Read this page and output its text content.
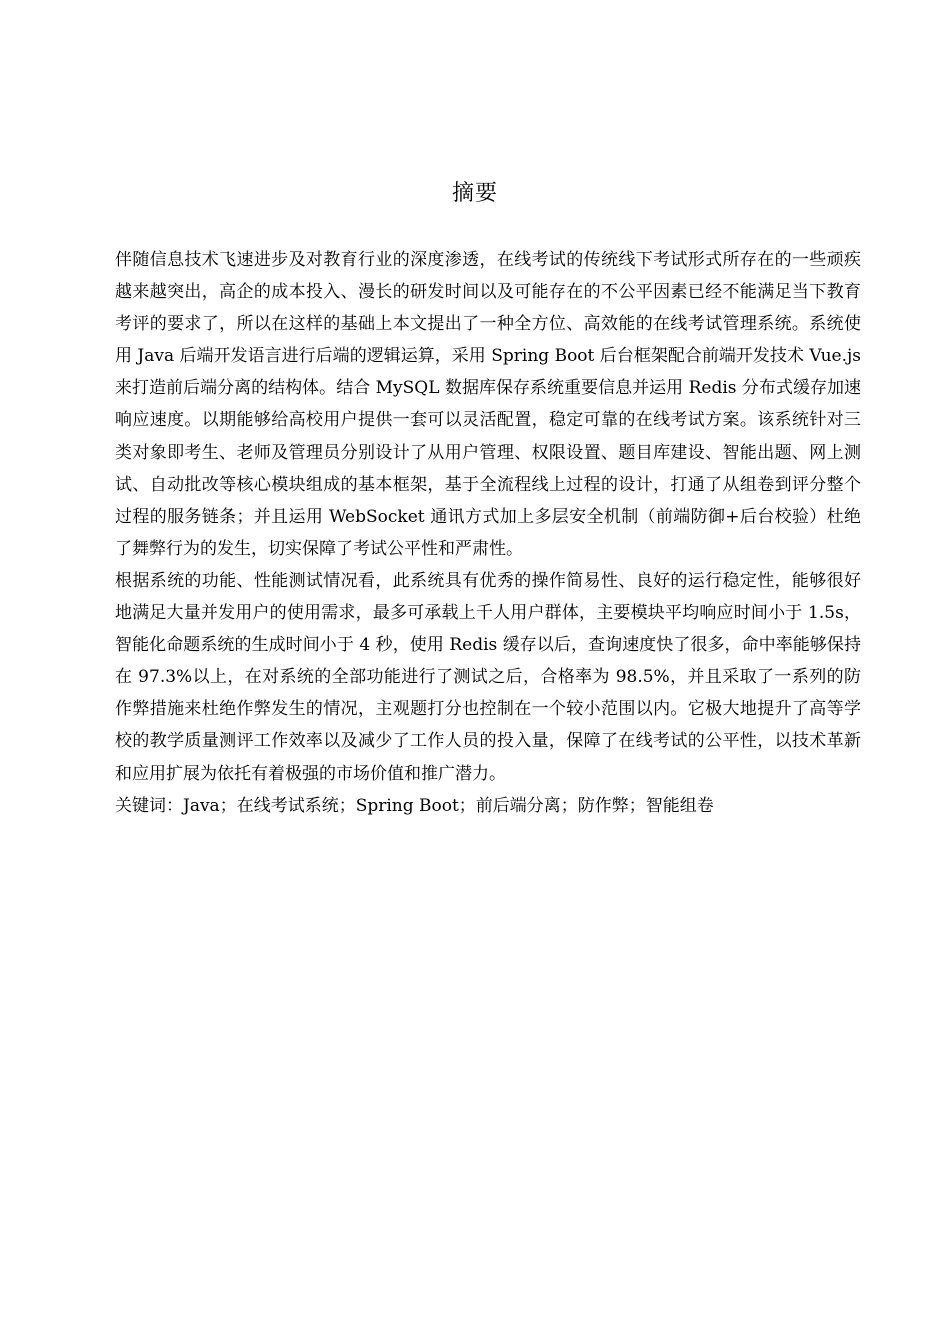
摘要

伴随信息技术飞速进步及对教育行业的深度渗透，在线考试的传统线下考试形式所存在的一些顽疾越来越突出，高企的成本投入、漫长的研发时间以及可能存在的不公平因素已经不能满足当下教育考评的要求了，所以在这样的基础上本文提出了一种全方位、高效能的在线考试管理系统。系统使用 Java 后端开发语言进行后端的逻辑运算，采用 Spring Boot 后台框架配合前端开发技术 Vue.js 来打造前后端分离的结构体。结合 MySQL 数据库保存系统重要信息并运用 Redis 分布式缓存加速响应速度。以期能够给高校用户提供一套可以灵活配置，稳定可靠的在线考试方案。该系统针对三类对象即考生、老师及管理员分别设计了从用户管理、权限设置、题目库建设、智能出题、网上测试、自动批改等核心模块组成的基本框架，基于全流程线上过程的设计，打通了从组卷到评分整个过程的服务链条；并且运用 WebSocket 通讯方式加上多层安全机制（前端防御+后台校验）杜绝了舞弊行为的发生，切实保障了考试公平性和严肃性。

根据系统的功能、性能测试情况看，此系统具有优秀的操作简易性、良好的运行稳定性，能够很好地满足大量并发用户的使用需求，最多可承载上千人用户群体，主要模块平均响应时间小于 1.5s，智能化命题系统的生成时间小于 4 秒，使用 Redis 缓存以后，查询速度快了很多，命中率能够保持在 97.3%以上，在对系统的全部功能进行了测试之后，合格率为 98.5%，并且采取了一系列的防作弊措施来杜绝作弊发生的情况，主观题打分也控制在一个较小范围以内。它极大地提升了高等学校的教学质量测评工作效率以及减少了工作人员的投入量，保障了在线考试的公平性，以技术革新和应用扩展为依托有着极强的市场价值和推广潜力。

关键词：Java；在线考试系统；Spring Boot；前后端分离；防作弊；智能组卷
